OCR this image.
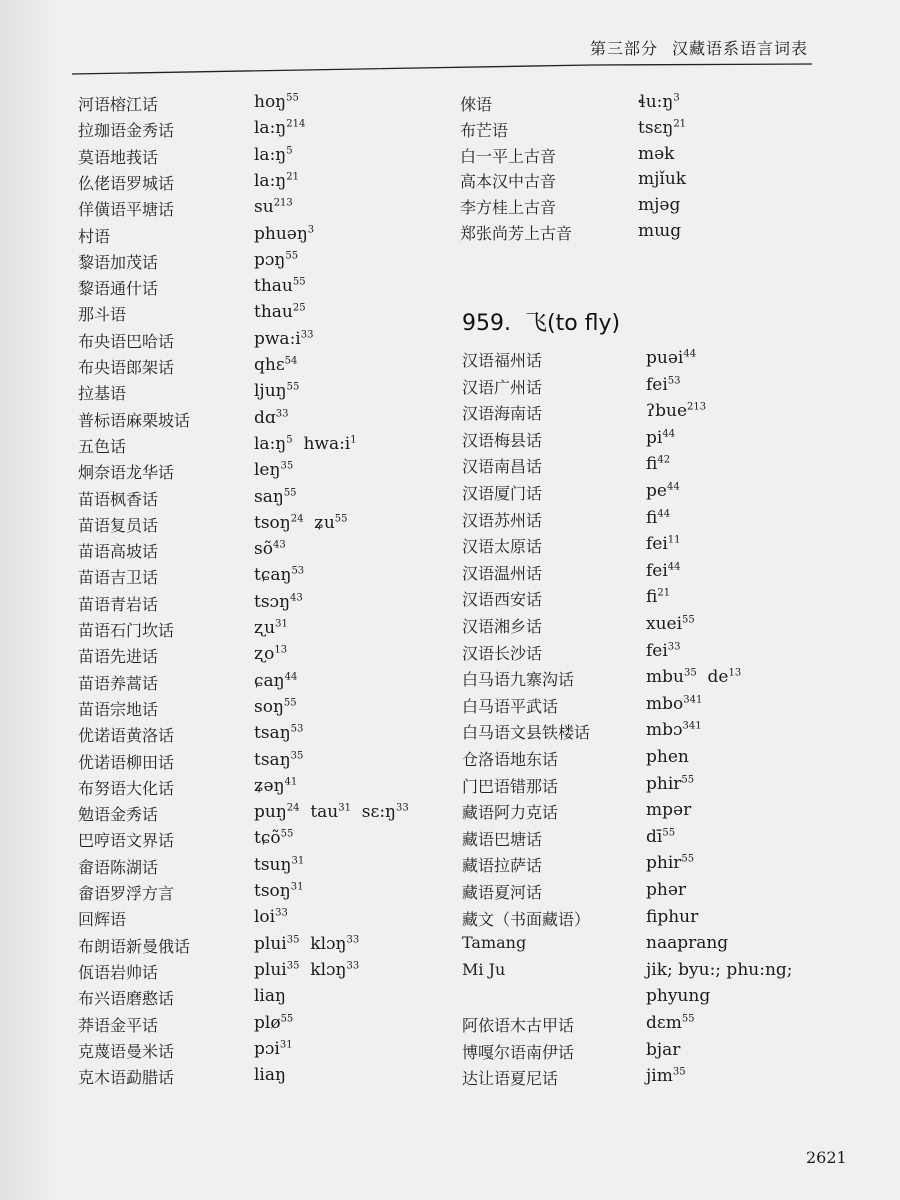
第三部分 汉藏语系语言词表
河语榕江话	hoŋ$^{55}$
拉珈语金秀话	$la:ŋ^{214}$
莫语地莪话	$la:ŋ^5$
仫佬语罗城话	$la:ŋ^{21}$
佯僙语平塘话	$su^{213}$
村语	phuəŋ$^3$
黎语加茂话	pɔŋ$^{55}$
黎语通什话	thau$^{55}$
那斗语	thau$^{25}$
布央语巴哈话	$pwa:i^{33}$
布央语郎架话	qhɛ$^{54}$
拉基语	ljuŋ$^{55}$
普标语麻栗坡话	dɑ$^{33}$
五色话	$la:ŋ^5$ $hwa:i^1$
炯奈语龙华话	leŋ$^{35}$
苗语枫香话	saŋ$^{55}$
苗语复员话	tsoŋ$^{24}$ ʑu$^{55}$
苗语高坡话	$sõ^{43}$
苗语吉卫话	tɕaŋ$^{53}$
苗语青岩话	tsɔŋ$^{43}$
苗语石门坎话	ʐu$^{31}$
苗语先进话	ʐo$^{13}$
苗语养蒿话	ɕaŋ$^{44}$
苗语宗地话	soŋ$^{55}$
优诺语黄洛话	tsaŋ$^{53}$
优诺语柳田话	tsaŋ$^{35}$
布努语大化话	ʑəŋ$^{41}$
勉语金秀话	puŋ$^{24}$ tau$^{31}$ $sɛ:ŋ^{33}$
巴哼语文界话	tɕõ$^{55}$
畲语陈湖话	tsuŋ$^{31}$
畲语罗浮方言	tsoŋ$^{31}$
回辉语	loi$^{33}$
布朗语新曼俄话	plui$^{35}$ klɔŋ$^{33}$
佤语岩帅话	plui$^{35}$ klɔŋ$^{33}$
布兴语磨憨话	liaŋ
莽语金平话	plø$^{55}$
克蔑语曼米话	pɔi$^{31}$
克木语勐腊话	liaŋ
倈语	$ɬu:ŋ^3$
布芒语	tsɛŋ$^{21}$
白一平上古音	mək
高本汉中古音	mjǐuk
李方桂上古音	mjəg
郑张尚芳上古音	mɯg
959. 飞(to fly)
汉语福州话	puəi$^{44}$
汉语广州话	fei$^{53}$
汉语海南话	ʔbue$^{213}$
汉语梅县话	$pi^{44}$
汉语南昌话	$fi^{42}$
汉语厦门话	$pe^{44}$
汉语苏州话	$fi^{44}$
汉语太原话	fei$^{11}$
汉语温州话	fei$^{44}$
汉语西安话	$fi^{21}$
汉语湘乡话	xuei$^{55}$
汉语长沙话	fei$^{33}$
白马语九寨沟话	mbu$^{35}$ $de^{13}$
白马语平武话	mbo$^{341}$
白马语文县铁楼话	mbɔ$^{341}$
仓洛语地东话	phen
门巴语错那话	phir$^{55}$
藏语阿力克话	mpər
藏语巴塘话	$dī^{55}$
藏语拉萨话	phir$^{55}$
藏语夏河话	phər
藏文（书面藏语）	fiphur
Tamang	naaprang
Mi Ju	jik; byu:; phu:ng;
phyung
阿依语木古甲话	dɛm$^{55}$
博嘎尔语南伊话	bjar
达让语夏尼话	jim$^{35}$
2621
